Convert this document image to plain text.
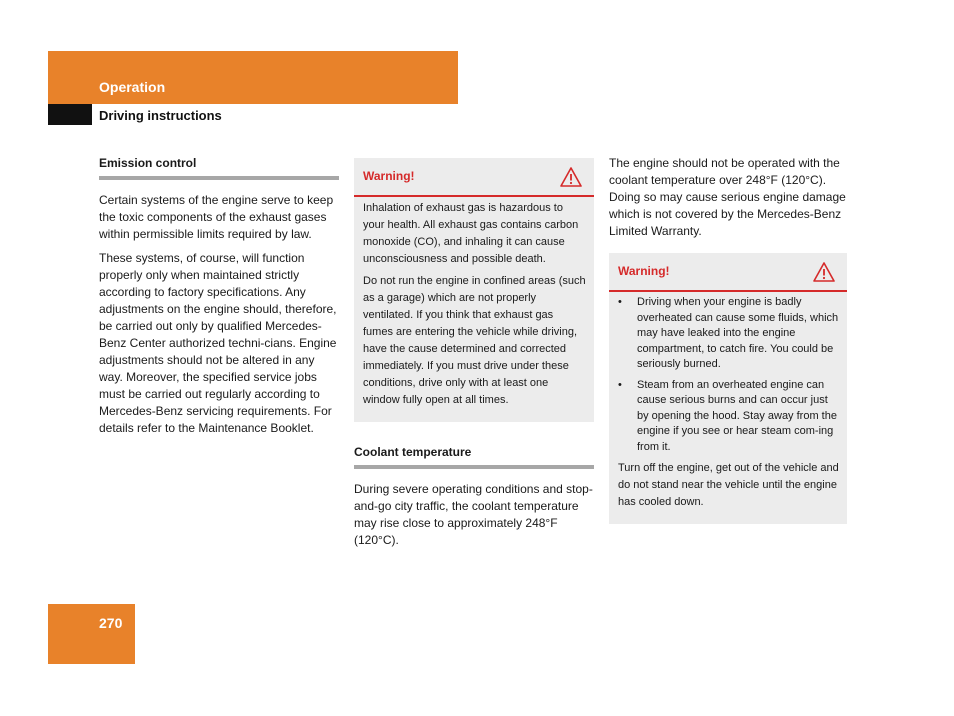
Operation
Driving instructions
Emission control

Certain systems of the engine serve to keep the toxic components of the exhaust gases within permissible limits required by law.

These systems, of course, will function properly only when maintained strictly according to factory specifications. Any adjustments on the engine should, therefore, be carried out only by qualified Mercedes-Benz Center authorized techni-cians. Engine adjustments should not be altered in any way. Moreover, the specified service jobs must be carried out regularly according to Mercedes-Benz servicing requirements. For details refer to the Maintenance Booklet.

Warning!

Inhalation of exhaust gas is hazardous to your health. All exhaust gas contains carbon monoxide (CO), and inhaling it can cause unconsciousness and possible death.

Do not run the engine in confined areas (such as a garage) which are not properly ventilated. If you think that exhaust gas fumes are entering the vehicle while driving, have the cause determined and corrected immediately. If you must drive under these conditions, drive only with at least one window fully open at all times.

Coolant temperature

During severe operating conditions and stop-and-go city traffic, the coolant temperature may rise close to approximately 248°F (120°C).

The engine should not be operated with the coolant temperature over 248°F (120°C). Doing so may cause serious engine damage which is not covered by the Mercedes-Benz Limited Warranty.

Warning!
• Driving when your engine is badly overheated can cause some fluids, which may have leaked into the engine compartment, to catch fire. You could be seriously burned.
• Steam from an overheated engine can cause serious burns and can occur just by opening the hood. Stay away from the engine if you see or hear steam com-ing from it.

Turn off the engine, get out of the vehicle and do not stand near the vehicle until the engine has cooled down.

270
